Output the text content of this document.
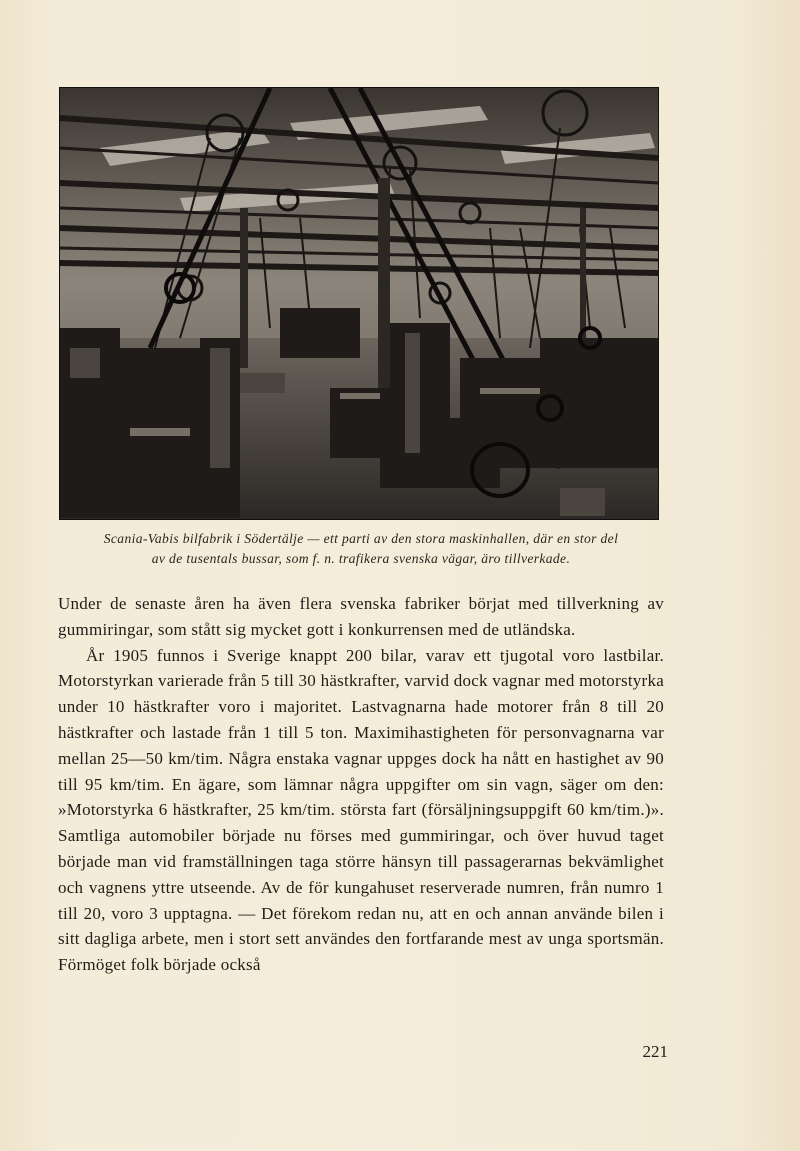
Scania-Vabis bilfabrik i Södertälje — ett parti av den stora maskinhallen, där en stor del
av de tusentals bussar, som f. n. trafikera svenska vägar, äro tillverkade.

Under de senaste åren ha även flera svenska fabriker börjat med tillverkning av gummiringar, som stått sig mycket gott i konkurrensen med de utländska.

År 1905 funnos i Sverige knappt 200 bilar, varav ett tjugotal voro lastbilar. Motorstyrkan varierade från 5 till 30 hästkrafter, varvid dock vagnar med motorstyrka under 10 hästkrafter voro i majoritet. Lastvagnarna hade motorer från 8 till 20 hästkrafter och lastade från 1 till 5 ton. Maximihastigheten för personvagnarna var mellan 25—50 km/tim. Några enstaka vagnar uppges dock ha nått en hastighet av 90 till 95 km/tim. En ägare, som lämnar några uppgifter om sin vagn, säger om den: »Motorstyrka 6 hästkrafter, 25 km/tim. största fart (försäljningsuppgift 60 km/tim.)». Samtliga automobiler började nu förses med gummiringar, och över huvud taget började man vid framställningen taga större hänsyn till passagerarnas bekvämlighet och vagnens yttre utseende. Av de för kungahuset reserverade numren, från numro 1 till 20, voro 3 upptagna. — Det förekom redan nu, att en och annan använde bilen i sitt dagliga arbete, men i stort sett användes den fortfarande mest av unga sportsmän. Förmöget folk började också

221
